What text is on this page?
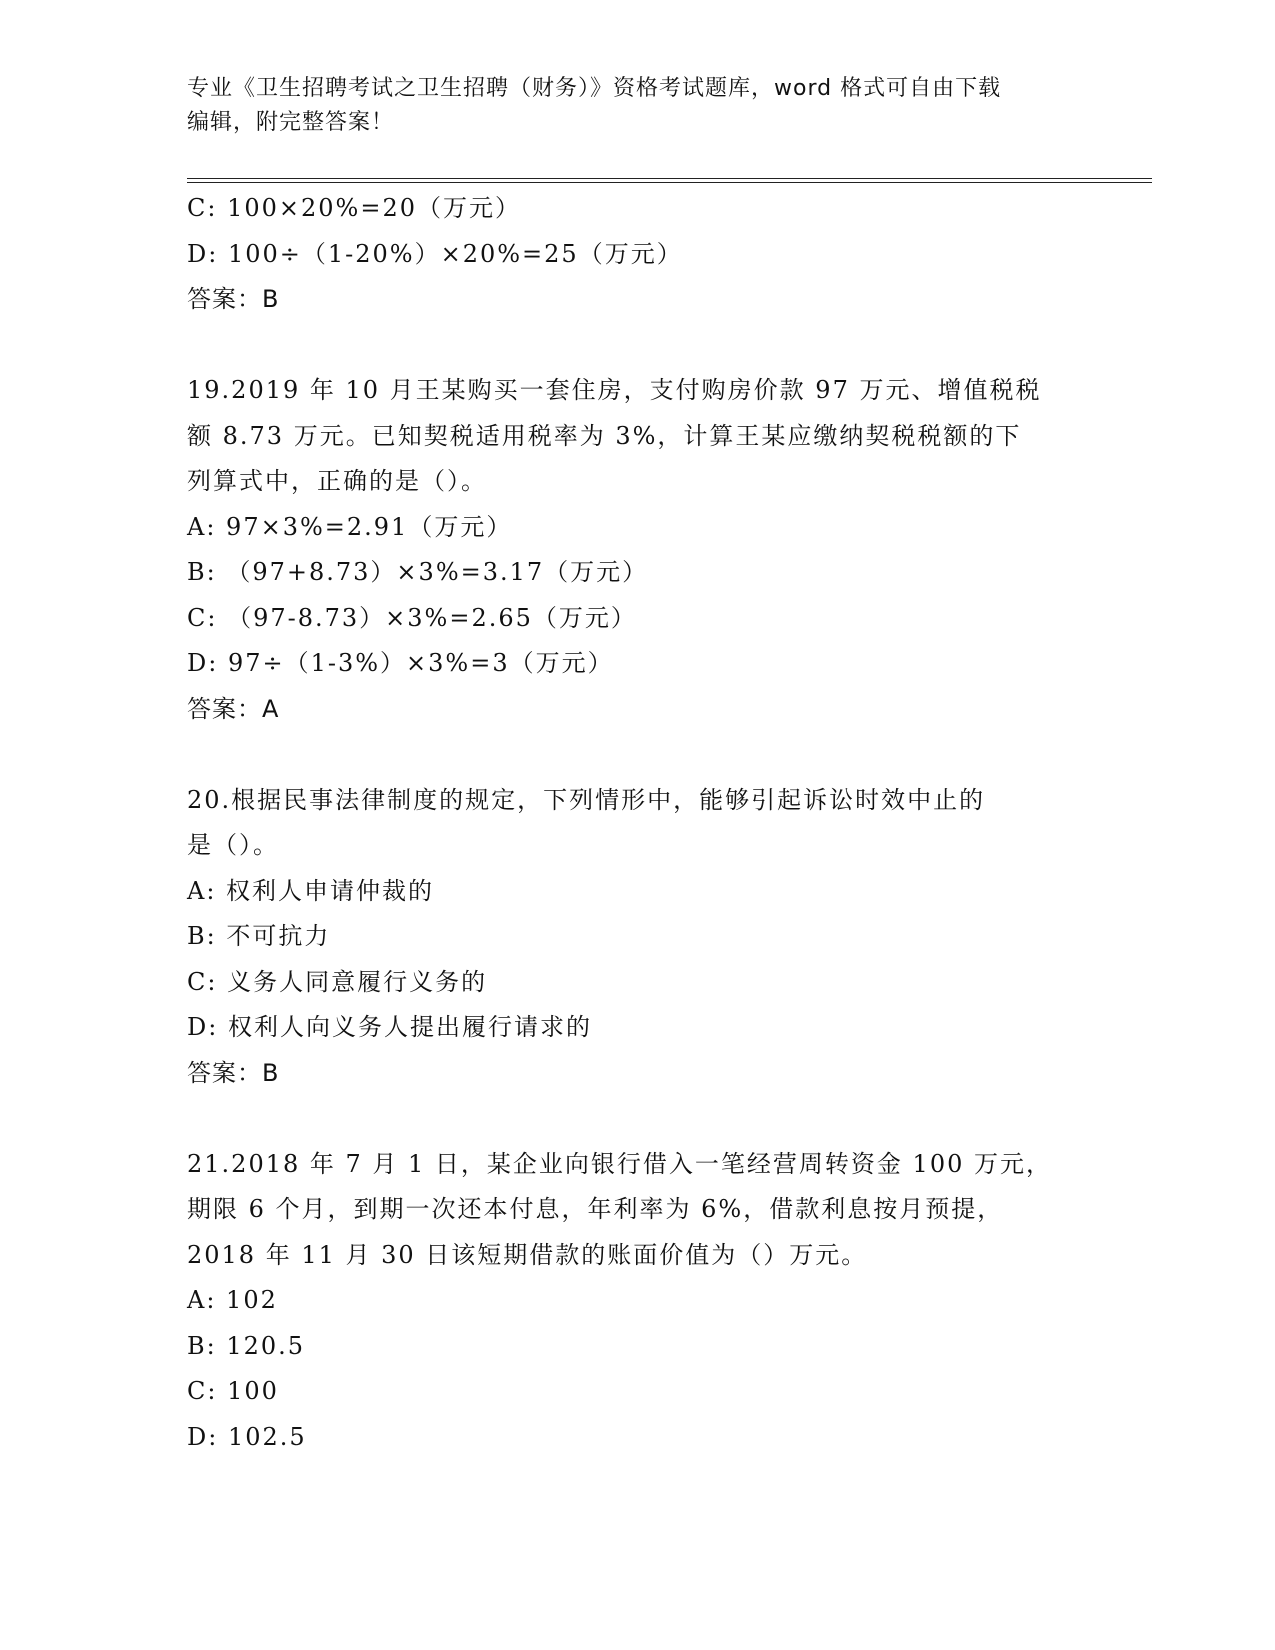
专业《卫生招聘考试之卫生招聘（财务）》资格考试题库，word 格式可自由下载
编辑，附完整答案！
C: 100×20%=20（万元）
D: 100÷（1-20%）×20%=25（万元）
答案：B
19.2019 年 10 月王某购买一套住房，支付购房价款 97 万元、增值税税
额 8.73 万元。已知契税适用税率为 3%，计算王某应缴纳契税税额的下
列算式中，正确的是（）。
A: 97×3%=2.91（万元）
B: （97+8.73）×3%=3.17（万元）
C: （97-8.73）×3%=2.65（万元）
D: 97÷（1-3%）×3%=3（万元）
答案：A
20.根据民事法律制度的规定，下列情形中，能够引起诉讼时效中止的
是（）。
A: 权利人申请仲裁的
B: 不可抗力
C: 义务人同意履行义务的
D: 权利人向义务人提出履行请求的
答案：B
21.2018 年 7 月 1 日，某企业向银行借入一笔经营周转资金 100 万元，
期限 6 个月，到期一次还本付息，年利率为 6%，借款利息按月预提，
2018 年 11 月 30 日该短期借款的账面价值为（）万元。
A: 102
B: 120.5
C: 100
D: 102.5
